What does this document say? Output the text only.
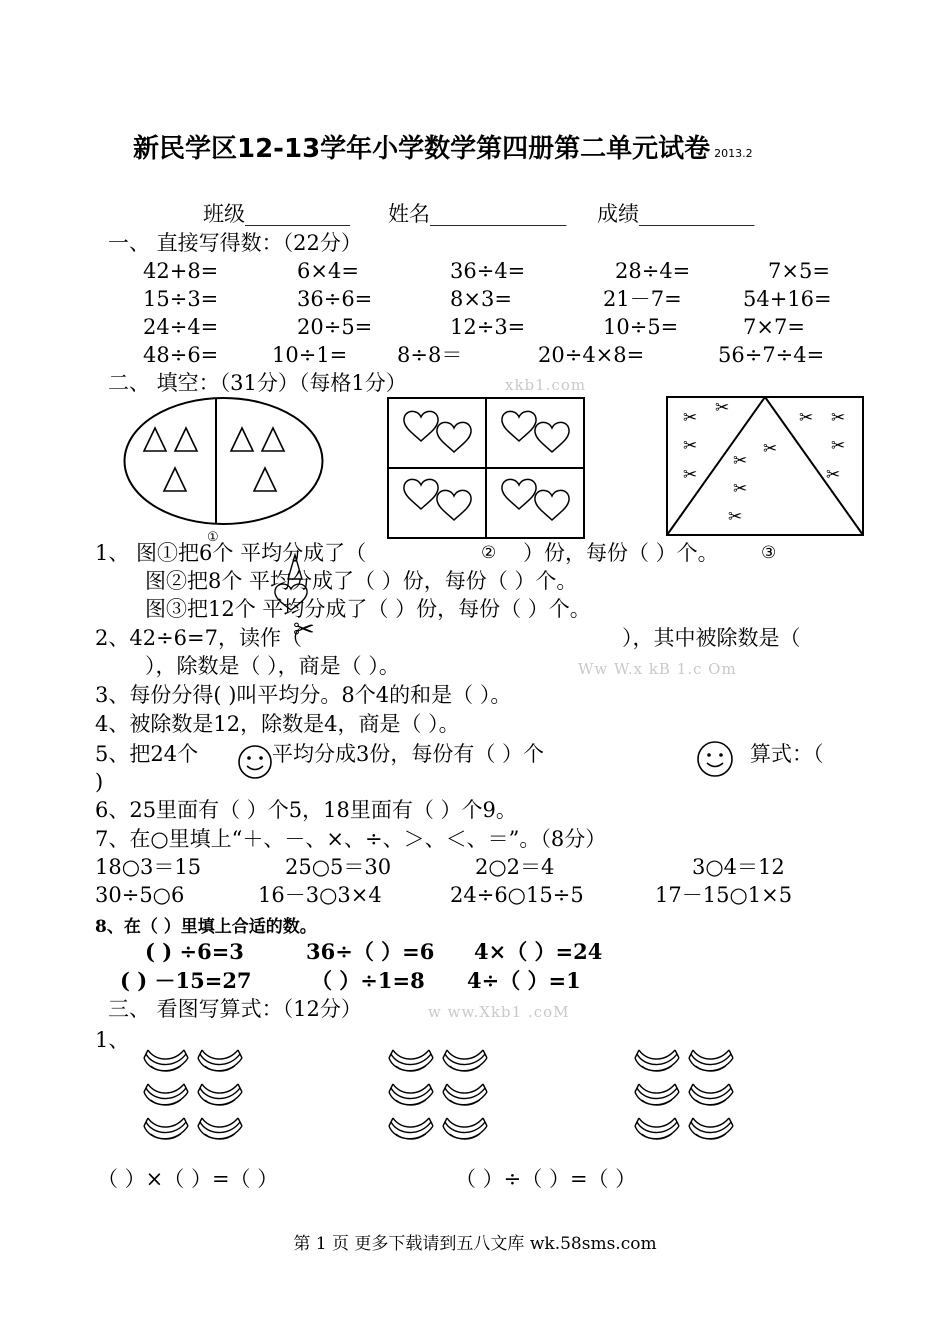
新民学区12-13学年小学数学第四册第二单元试卷 2013.2
班级__________ 姓名_____________ 成绩___________
一、 直接写得数：（22分）
42+8=	6×4=	36÷4=	28÷4=	7×5=
15÷3=	36÷6=	8×3=	21－7=	54+16=
24÷4=	20÷5=	12÷3=	10÷5=	7×7=
48÷6=	10÷1= 8÷8＝	20÷4×8=	56÷7÷4=
二、 填空：（31分）（每格1分）	xkb1.com
✂ ✂
✂
✂
✂
✂
✂
✂
✂ ✂
✂
✂
①
1、 图①把6个 平均分成了（	② ）份，每份（ ）个。 ③
图②把8个 平均分成了（ ）份，每份（ ）个。
图③把12个 平均分成了（ ）份，每份（ ）个。
✂
2、42÷6=7，读作（	），其中被除数是（
），除数是（ ），商是（ ）。	Ww W.x kB 1.c Om
3、每份分得( )叫平均分。8个4的和是（ ）。
4、被除数是12，除数是4，商是（ ）。
5、把24个	平均分成3份，每份有（ ）个	算式：（
)
6、25里面有（ ）个5，18里面有（ ）个9。
7、在○里填上“＋、－、×、÷、＞、＜、＝”。（8分）
18○3＝15	25○5＝30	2○2＝4	3○4＝12
30÷5○6	16－3○3×4	24÷6○15÷5	17－15○1×5
8、在（ ）里填上合适的数。
( ) ÷6=3	36÷（ ）=6 4×（ ）=24
( ) －15=27	（ ）÷1=8 4÷（ ）=1
三、 看图写算式：（12分）	w ww.Xkb1 .coM
1、
（ ）×（ ）=（ ）	（ ）÷（ ）=（ ）
第 1 页 更多下载请到五八文库 wk.58sms.com
